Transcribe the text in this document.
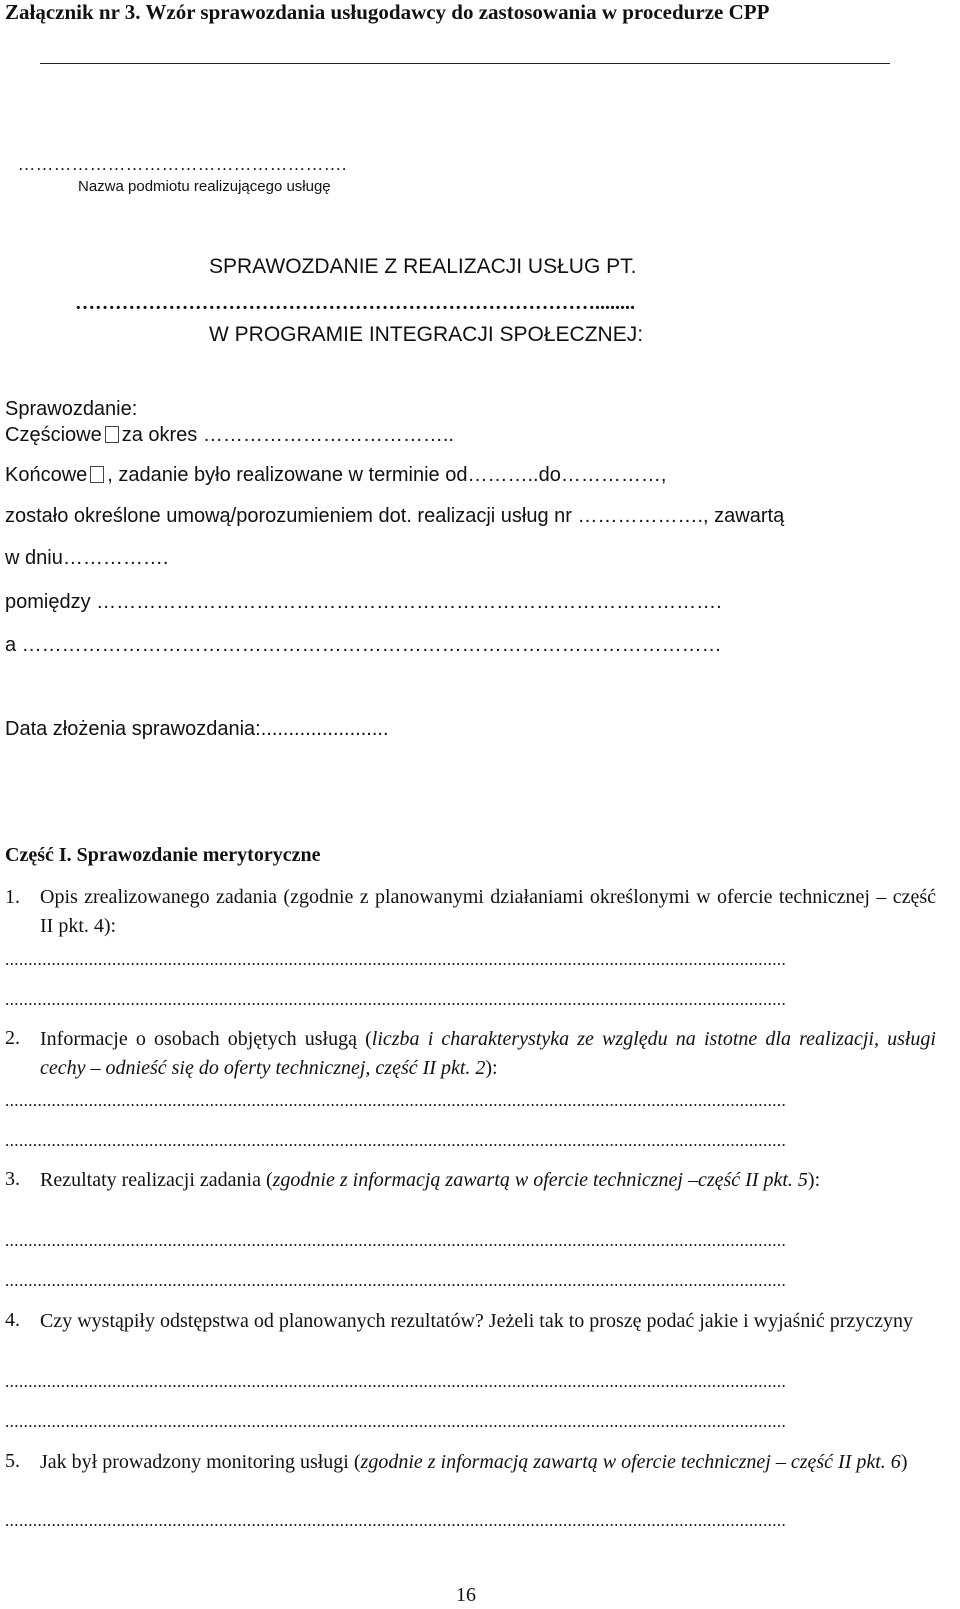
Załącznik nr 3. Wzór sprawozdania usługodawcy do zastosowania w procedurze CPP
……………………………………………….
Nazwa podmiotu realizującego usługę
SPRAWOZDANIE Z REALIZACJI USŁUG PT.
……………………………………………………………………........
W PROGRAMIE INTEGRACJI SPOŁECZNEJ:
Sprawozdanie:
Częściowe za okres ………………………………..
Końcowe , zadanie było realizowane w terminie od………..do……………,
zostało określone umową/porozumieniem dot. realizacji usług nr ………………., zawartą
w dniu…………….
pomiędzy ………………………………………………………………………………….
a ……………………………………………………………………………………………
Data złożenia sprawozdania:.......................
Część I. Sprawozdanie merytoryczne
1. Opis zrealizowanego zadania (zgodnie z planowanymi działaniami określonymi w ofercie technicznej – część II pkt. 4):
........................................................................................................................................................................
........................................................................................................................................................................
2. Informacje o osobach objętych usługą (liczba i charakterystyka ze względu na istotne dla realizacji, usługi cechy – odnieść się do oferty technicznej, część II pkt. 2):
........................................................................................................................................................................
........................................................................................................................................................................
3. Rezultaty realizacji zadania (zgodnie z informacją zawartą w ofercie technicznej –część II pkt. 5):
........................................................................................................................................................................
........................................................................................................................................................................
4. Czy wystąpiły odstępstwa od planowanych rezultatów? Jeżeli tak to proszę podać jakie i wyjaśnić przyczyny
........................................................................................................................................................................
........................................................................................................................................................................
5. Jak był prowadzony monitoring usługi (zgodnie z informacją zawartą w ofercie technicznej – część II pkt. 6)
........................................................................................................................................................................
16
